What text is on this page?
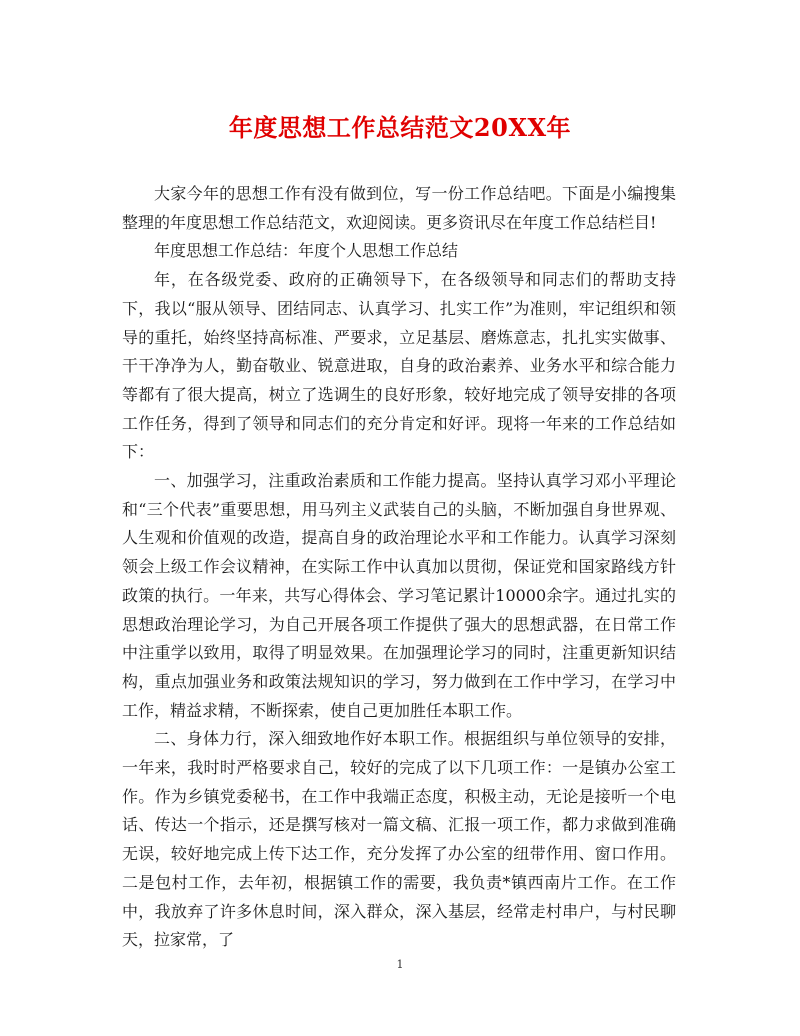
年度思想工作总结范文20XX年

大家今年的思想工作有没有做到位，写一份工作总结吧。下面是小编搜集整理的年度思想工作总结范文，欢迎阅读。更多资讯尽在年度工作总结栏目!

年度思想工作总结：年度个人思想工作总结

年，在各级党委、政府的正确领导下，在各级领导和同志们的帮助支持下，我以“服从领导、团结同志、认真学习、扎实工作”为准则，牢记组织和领导的重托，始终坚持高标准、严要求，立足基层、磨炼意志，扎扎实实做事、干干净净为人，勤奋敬业、锐意进取，自身的政治素养、业务水平和综合能力等都有了很大提高，树立了选调生的良好形象，较好地完成了领导安排的各项工作任务，得到了领导和同志们的充分肯定和好评。现将一年来的工作总结如下：

一、加强学习，注重政治素质和工作能力提高。坚持认真学习邓小平理论和“三个代表”重要思想，用马列主义武装自己的头脑，不断加强自身世界观、人生观和价值观的改造，提高自身的政治理论水平和工作能力。认真学习深刻领会上级工作会议精神，在实际工作中认真加以贯彻，保证党和国家路线方针政策的执行。一年来，共写心得体会、学习笔记累计10000余字。通过扎实的思想政治理论学习，为自己开展各项工作提供了强大的思想武器，在日常工作中注重学以致用，取得了明显效果。在加强理论学习的同时，注重更新知识结构，重点加强业务和政策法规知识的学习，努力做到在工作中学习，在学习中工作，精益求精，不断探索，使自己更加胜任本职工作。

二、身体力行，深入细致地作好本职工作。根据组织与单位领导的安排，一年来，我时时严格要求自己，较好的完成了以下几项工作：一是镇办公室工作。作为乡镇党委秘书，在工作中我端正态度，积极主动，无论是接听一个电话、传达一个指示，还是撰写核对一篇文稿、汇报一项工作，都力求做到准确无误，较好地完成上传下达工作，充分发挥了办公室的纽带作用、窗口作用。二是包村工作，去年初，根据镇工作的需要，我负责*镇西南片工作。在工作中，我放弃了许多休息时间，深入群众，深入基层，经常走村串户，与村民聊天，拉家常，了

1
